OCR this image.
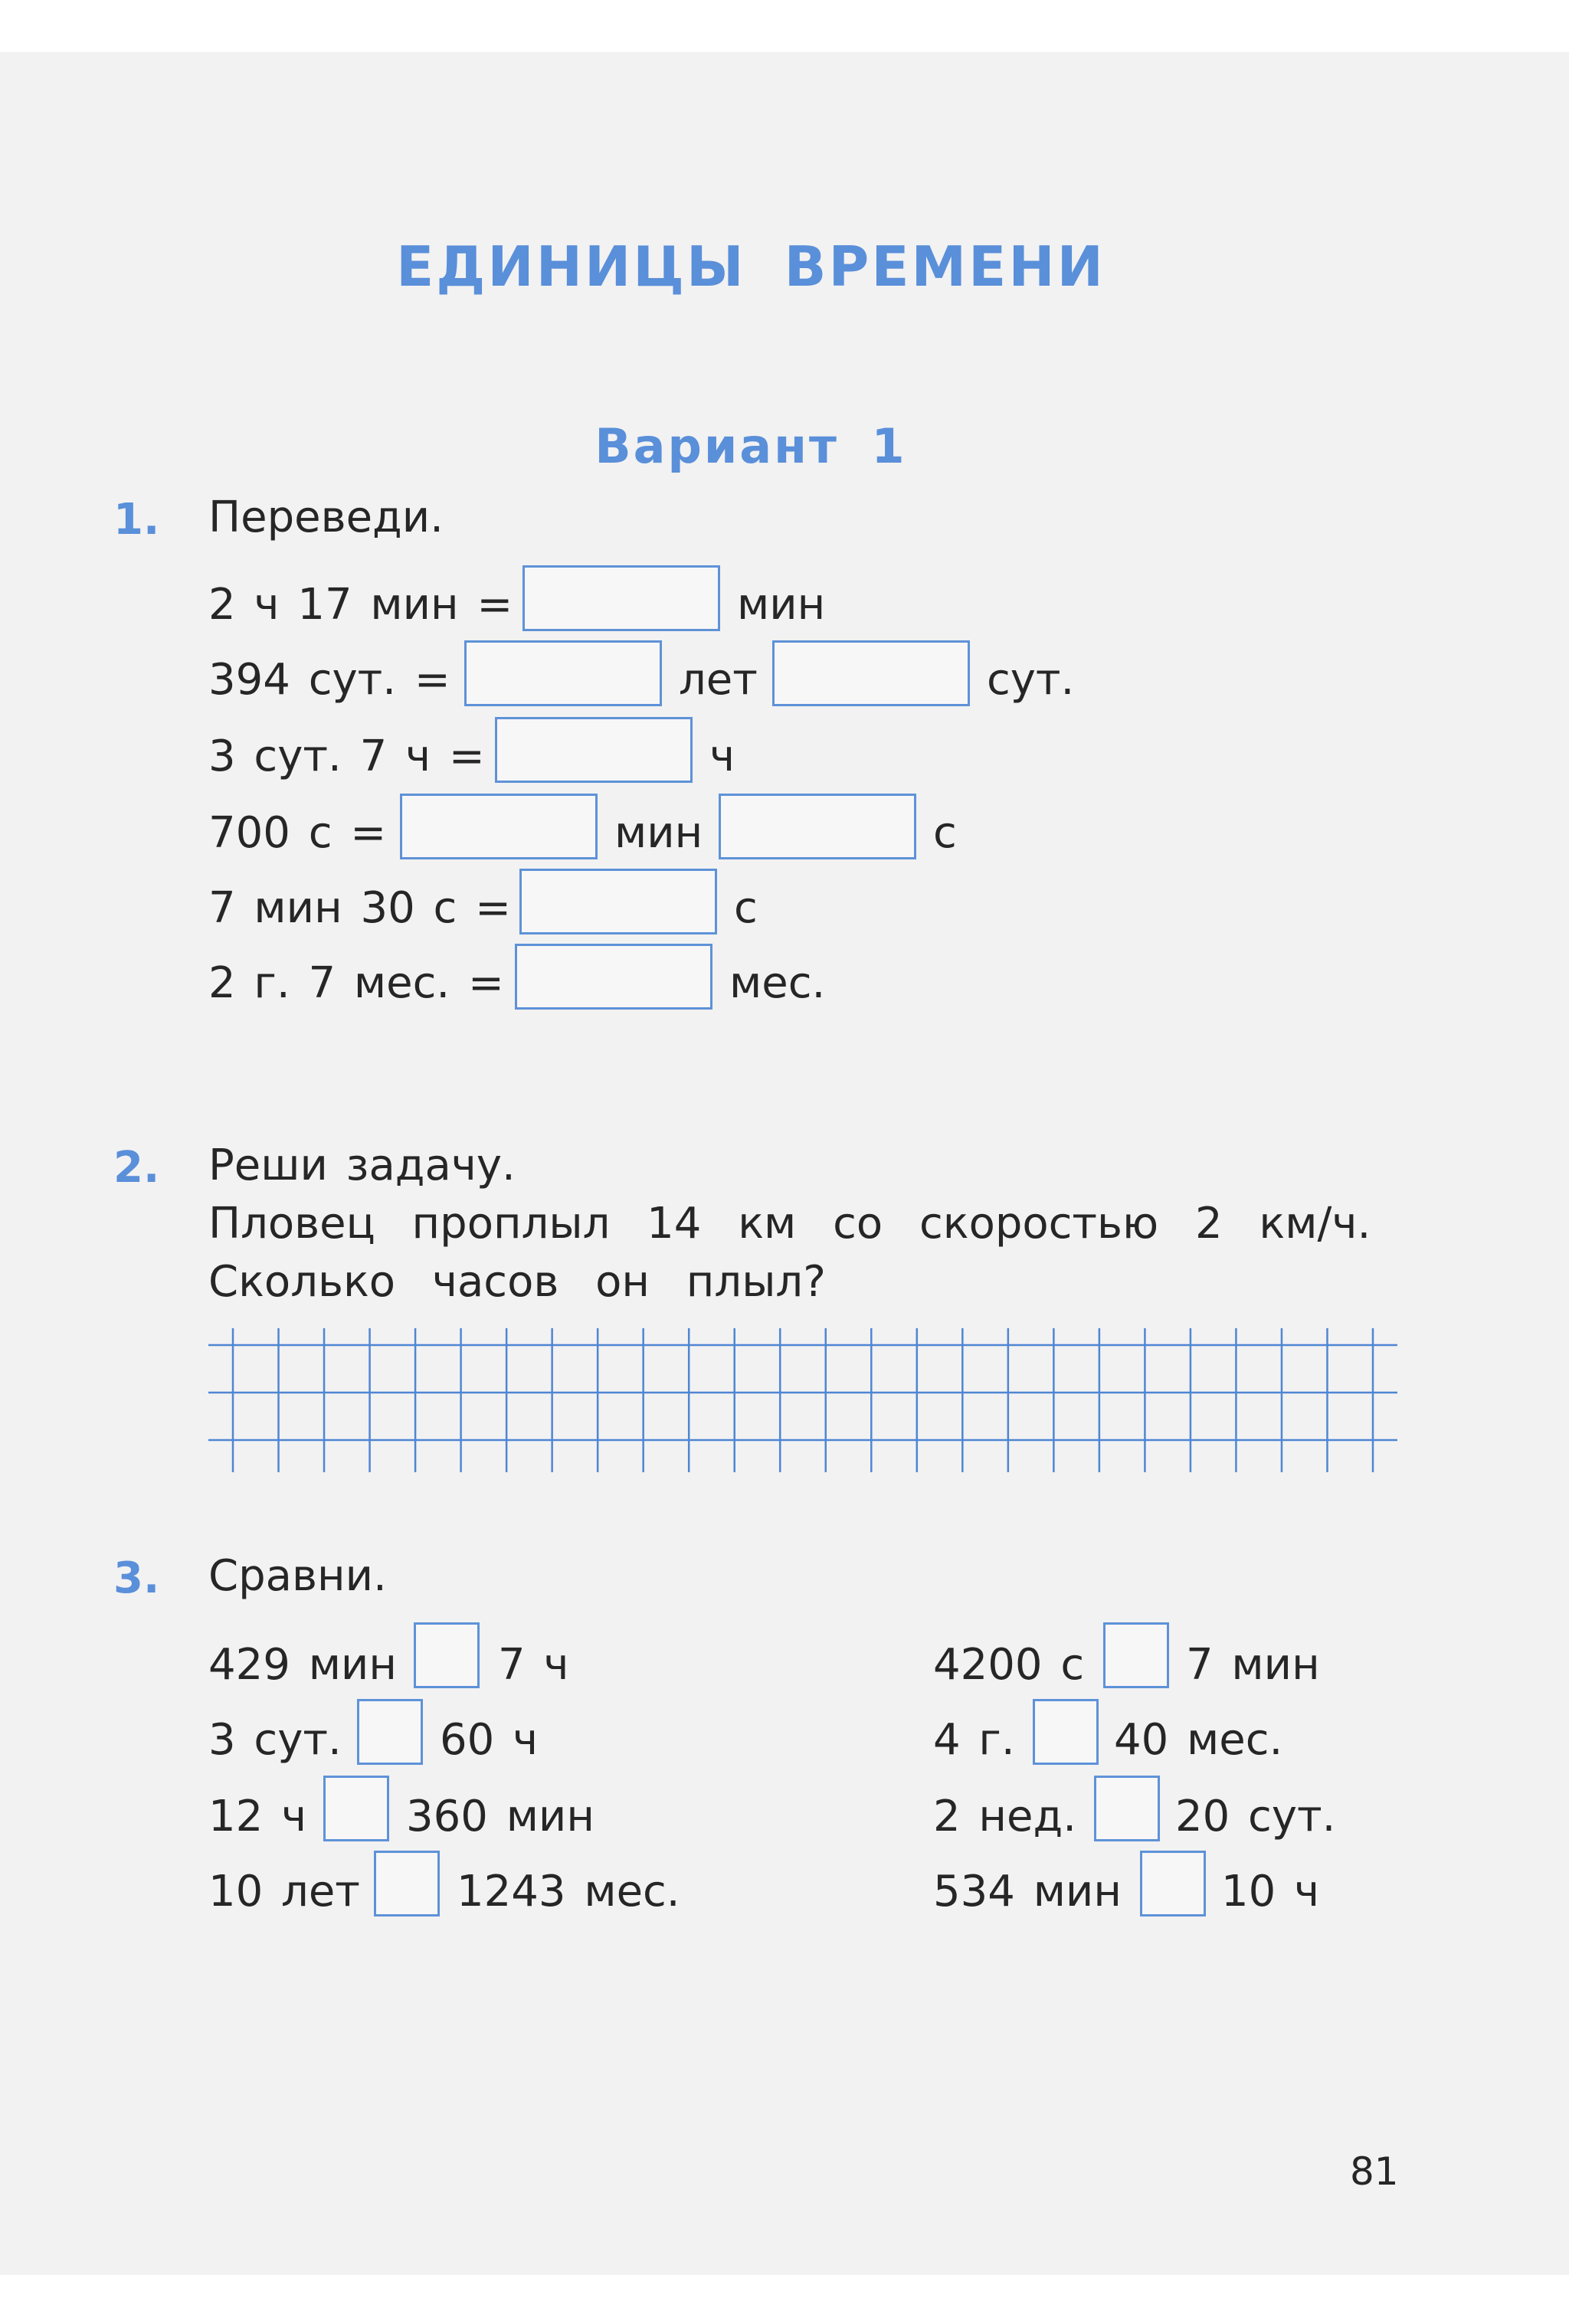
ЕДИНИЦЫ ВРЕМЕНИ
Вариант 1
1. Переведи.
2 ч 17 мин =	мин
394 сут. =	лет	сут.
3 сут. 7 ч =	ч
700 с =	мин	с
7 мин 30 с =	с
2 г. 7 мес. =	мес.
2. Реши задачу.
Пловец проплыл 14 км со скоростью 2 км/ч.
Сколько часов он плыл?
3. Сравни.
429 мин 7 ч
3 сут. 60 ч
12 ч 360 мин
10 лет 1243 мес.
4200 с 7 мин
4 г. 40 мес.
2 нед. 20 сут.
534 мин 10 ч
81
